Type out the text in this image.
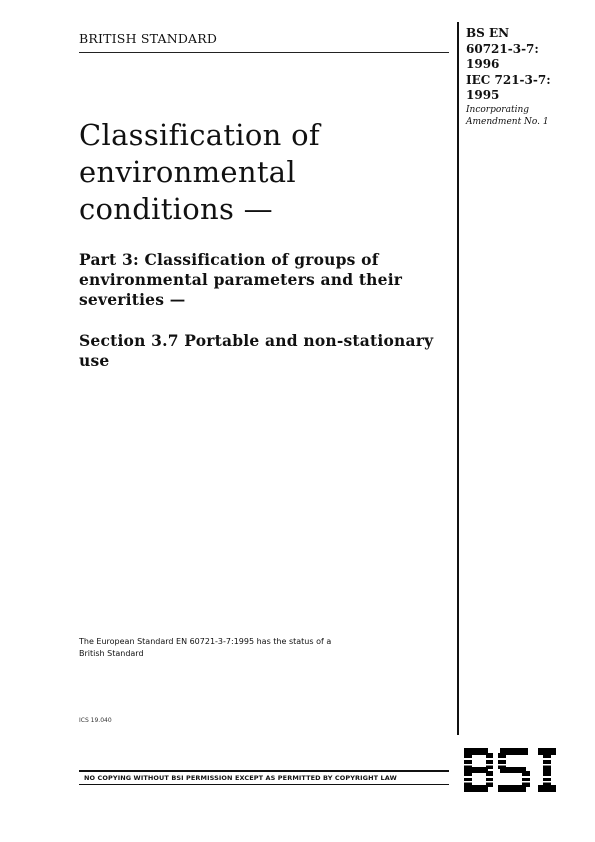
BRITISH STANDARD	BS EN
60721-3-7:
1996
IEC 721-3-7:
1995
Incorporating
Amendment No. 1
Classification of
environmental
conditions —
Part 3: Classification of groups of
environmental parameters and their
severities —
Section 3.7 Portable and non-stationary
use
The European Standard EN 60721-3-7:1995 has the status of a
British Standard
ICS 19.040
NO COPYING WITHOUT BSI PERMISSION EXCEPT AS PERMITTED BY COPYRIGHT LAW
